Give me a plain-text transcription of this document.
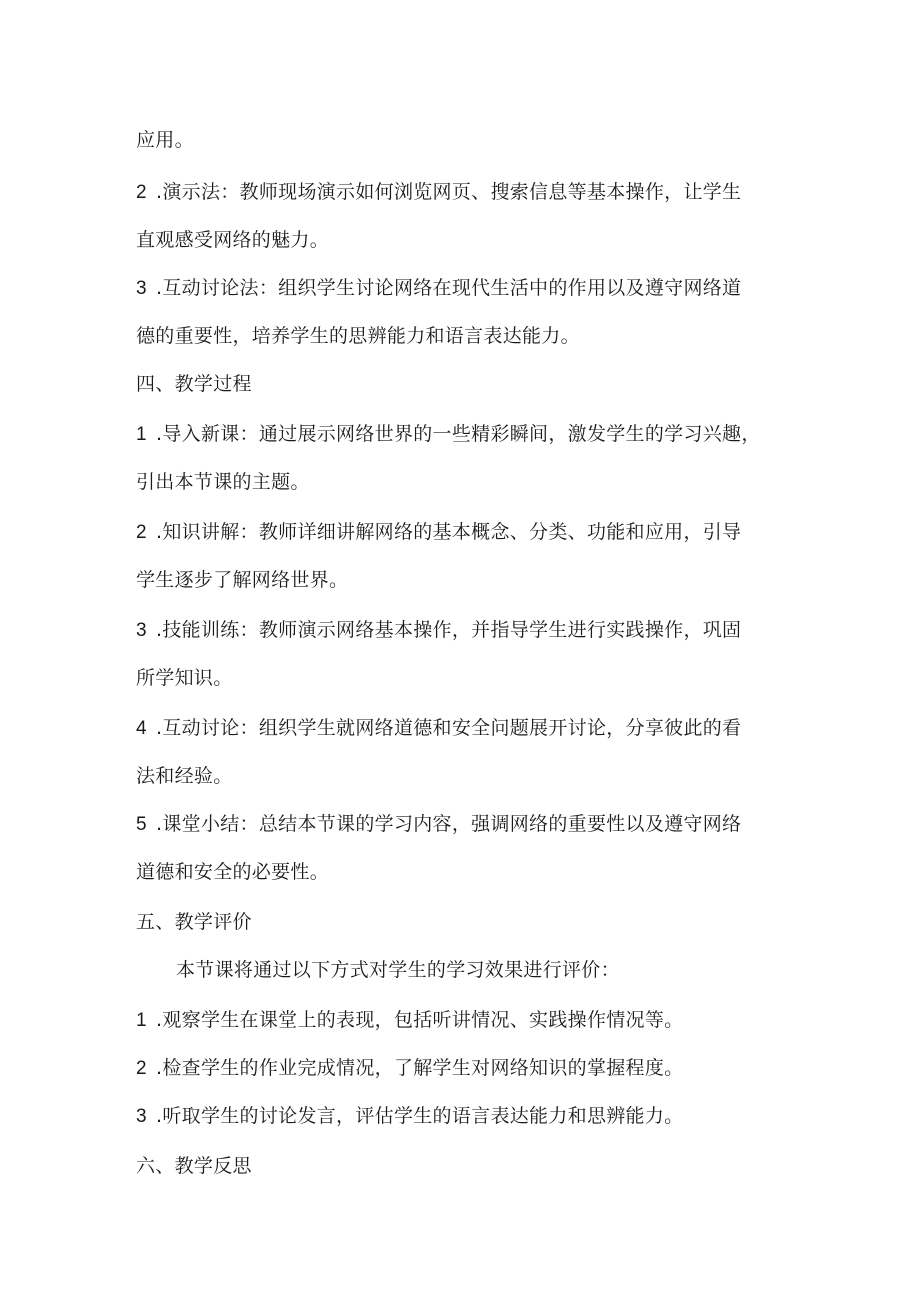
应用。
2 .演示法：教师现场演示如何浏览网页、搜索信息等基本操作，让学生
直观感受网络的魅力。
3 .互动讨论法：组织学生讨论网络在现代生活中的作用以及遵守网络道
德的重要性，培养学生的思辨能力和语言表达能力。
四、教学过程
1 .导入新课：通过展示网络世界的一些精彩瞬间，激发学生的学习兴趣，
引出本节课的主题。
2 .知识讲解：教师详细讲解网络的基本概念、分类、功能和应用，引导
学生逐步了解网络世界。
3 .技能训练：教师演示网络基本操作，并指导学生进行实践操作，巩固
所学知识。
4 .互动讨论：组织学生就网络道德和安全问题展开讨论，分享彼此的看
法和经验。
5 .课堂小结：总结本节课的学习内容，强调网络的重要性以及遵守网络
道德和安全的必要性。
五、教学评价
本节课将通过以下方式对学生的学习效果进行评价：
1 .观察学生在课堂上的表现，包括听讲情况、实践操作情况等。
2 .检查学生的作业完成情况，了解学生对网络知识的掌握程度。
3 .听取学生的讨论发言，评估学生的语言表达能力和思辨能力。
六、教学反思
